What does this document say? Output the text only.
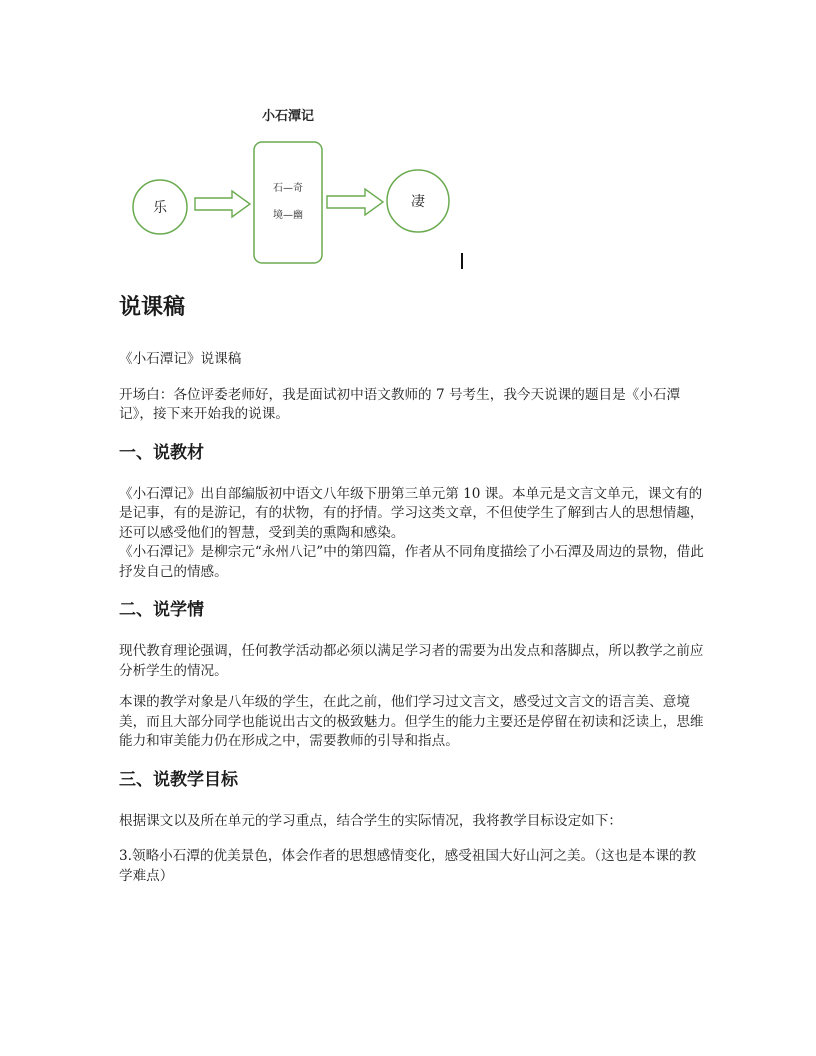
小石潭记
乐
石—奇
境—幽
凄
说课稿

《小石潭记》说课稿

开场白：各位评委老师好，我是面试初中语文教师的 7 号考生，我今天说课的题目是《小石潭记》，接下来开始我的说课。

一、说教材

《小石潭记》出自部编版初中语文八年级下册第三单元第 10 课。本单元是文言文单元，课文有的是记事，有的是游记，有的状物，有的抒情。学习这类文章，不但使学生了解到古人的思想情趣，还可以感受他们的智慧，受到美的熏陶和感染。

《小石潭记》是柳宗元“永州八记”中的第四篇，作者从不同角度描绘了小石潭及周边的景物，借此抒发自己的情感。

二、说学情

现代教育理论强调，任何教学活动都必须以满足学习者的需要为出发点和落脚点，所以教学之前应分析学生的情况。

本课的教学对象是八年级的学生，在此之前，他们学习过文言文，感受过文言文的语言美、意境美，而且大部分同学也能说出古文的极致魅力。但学生的能力主要还是停留在初读和泛读上，思维能力和审美能力仍在形成之中，需要教师的引导和指点。

三、说教学目标

根据课文以及所在单元的学习重点，结合学生的实际情况，我将教学目标设定如下：

3.领略小石潭的优美景色，体会作者的思想感情变化，感受祖国大好山河之美。（这也是本课的教学难点）
